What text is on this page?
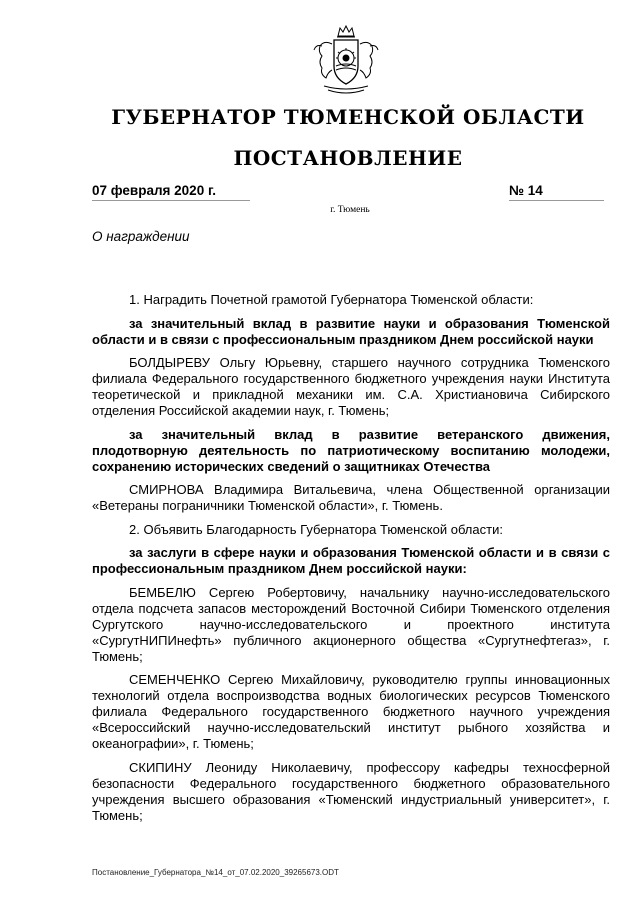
ГУБЕРНАТОР ТЮМЕНСКОЙ ОБЛАСТИ
ПОСТАНОВЛЕНИЕ
07 февраля 2020 г.	№ 14
г. Тюмень
О награждении

1. Наградить Почетной грамотой Губернатора Тюменской области:

за значительный вклад в развитие науки и образования Тюменской области и в связи с профессиональным праздником Днем российской науки

БОЛДЫРЕВУ Ольгу Юрьевну, старшего научного сотрудника Тюменского филиала Федерального государственного бюджетного учреждения науки Института теоретической и прикладной механики им. С.А. Христиановича Сибирского отделения Российской академии наук, г. Тюмень;

за значительный вклад в развитие ветеранского движения, плодотворную деятельность по патриотическому воспитанию молодежи, сохранению исторических сведений о защитниках Отечества

СМИРНОВА Владимира Витальевича, члена Общественной организации «Ветераны пограничники Тюменской области», г. Тюмень.

2. Объявить Благодарность Губернатора Тюменской области:

за заслуги в сфере науки и образования Тюменской области и в связи с профессиональным праздником Днем российской науки:

БЕМБЕЛЮ Сергею Робертовичу, начальнику научно-исследовательского отдела подсчета запасов месторождений Восточной Сибири Тюменского отделения Сургутского научно-исследовательского и проектного института «СургутНИПИнефть» публичного акционерного общества «Сургутнефтегаз», г. Тюмень;

СЕМЕНЧЕНКО Сергею Михайловичу, руководителю группы инновационных технологий отдела воспроизводства водных биологических ресурсов Тюменского филиала Федерального государственного бюджетного научного учреждения «Всероссийский научно-исследовательский институт рыбного хозяйства и океанографии», г. Тюмень;

СКИПИНУ Леониду Николаевичу, профессору кафедры техносферной безопасности Федерального государственного бюджетного образовательного учреждения высшего образования «Тюменский индустриальный университет», г. Тюмень;

Постановление_Губернатора_№14_от_07.02.2020_39265673.ODT
